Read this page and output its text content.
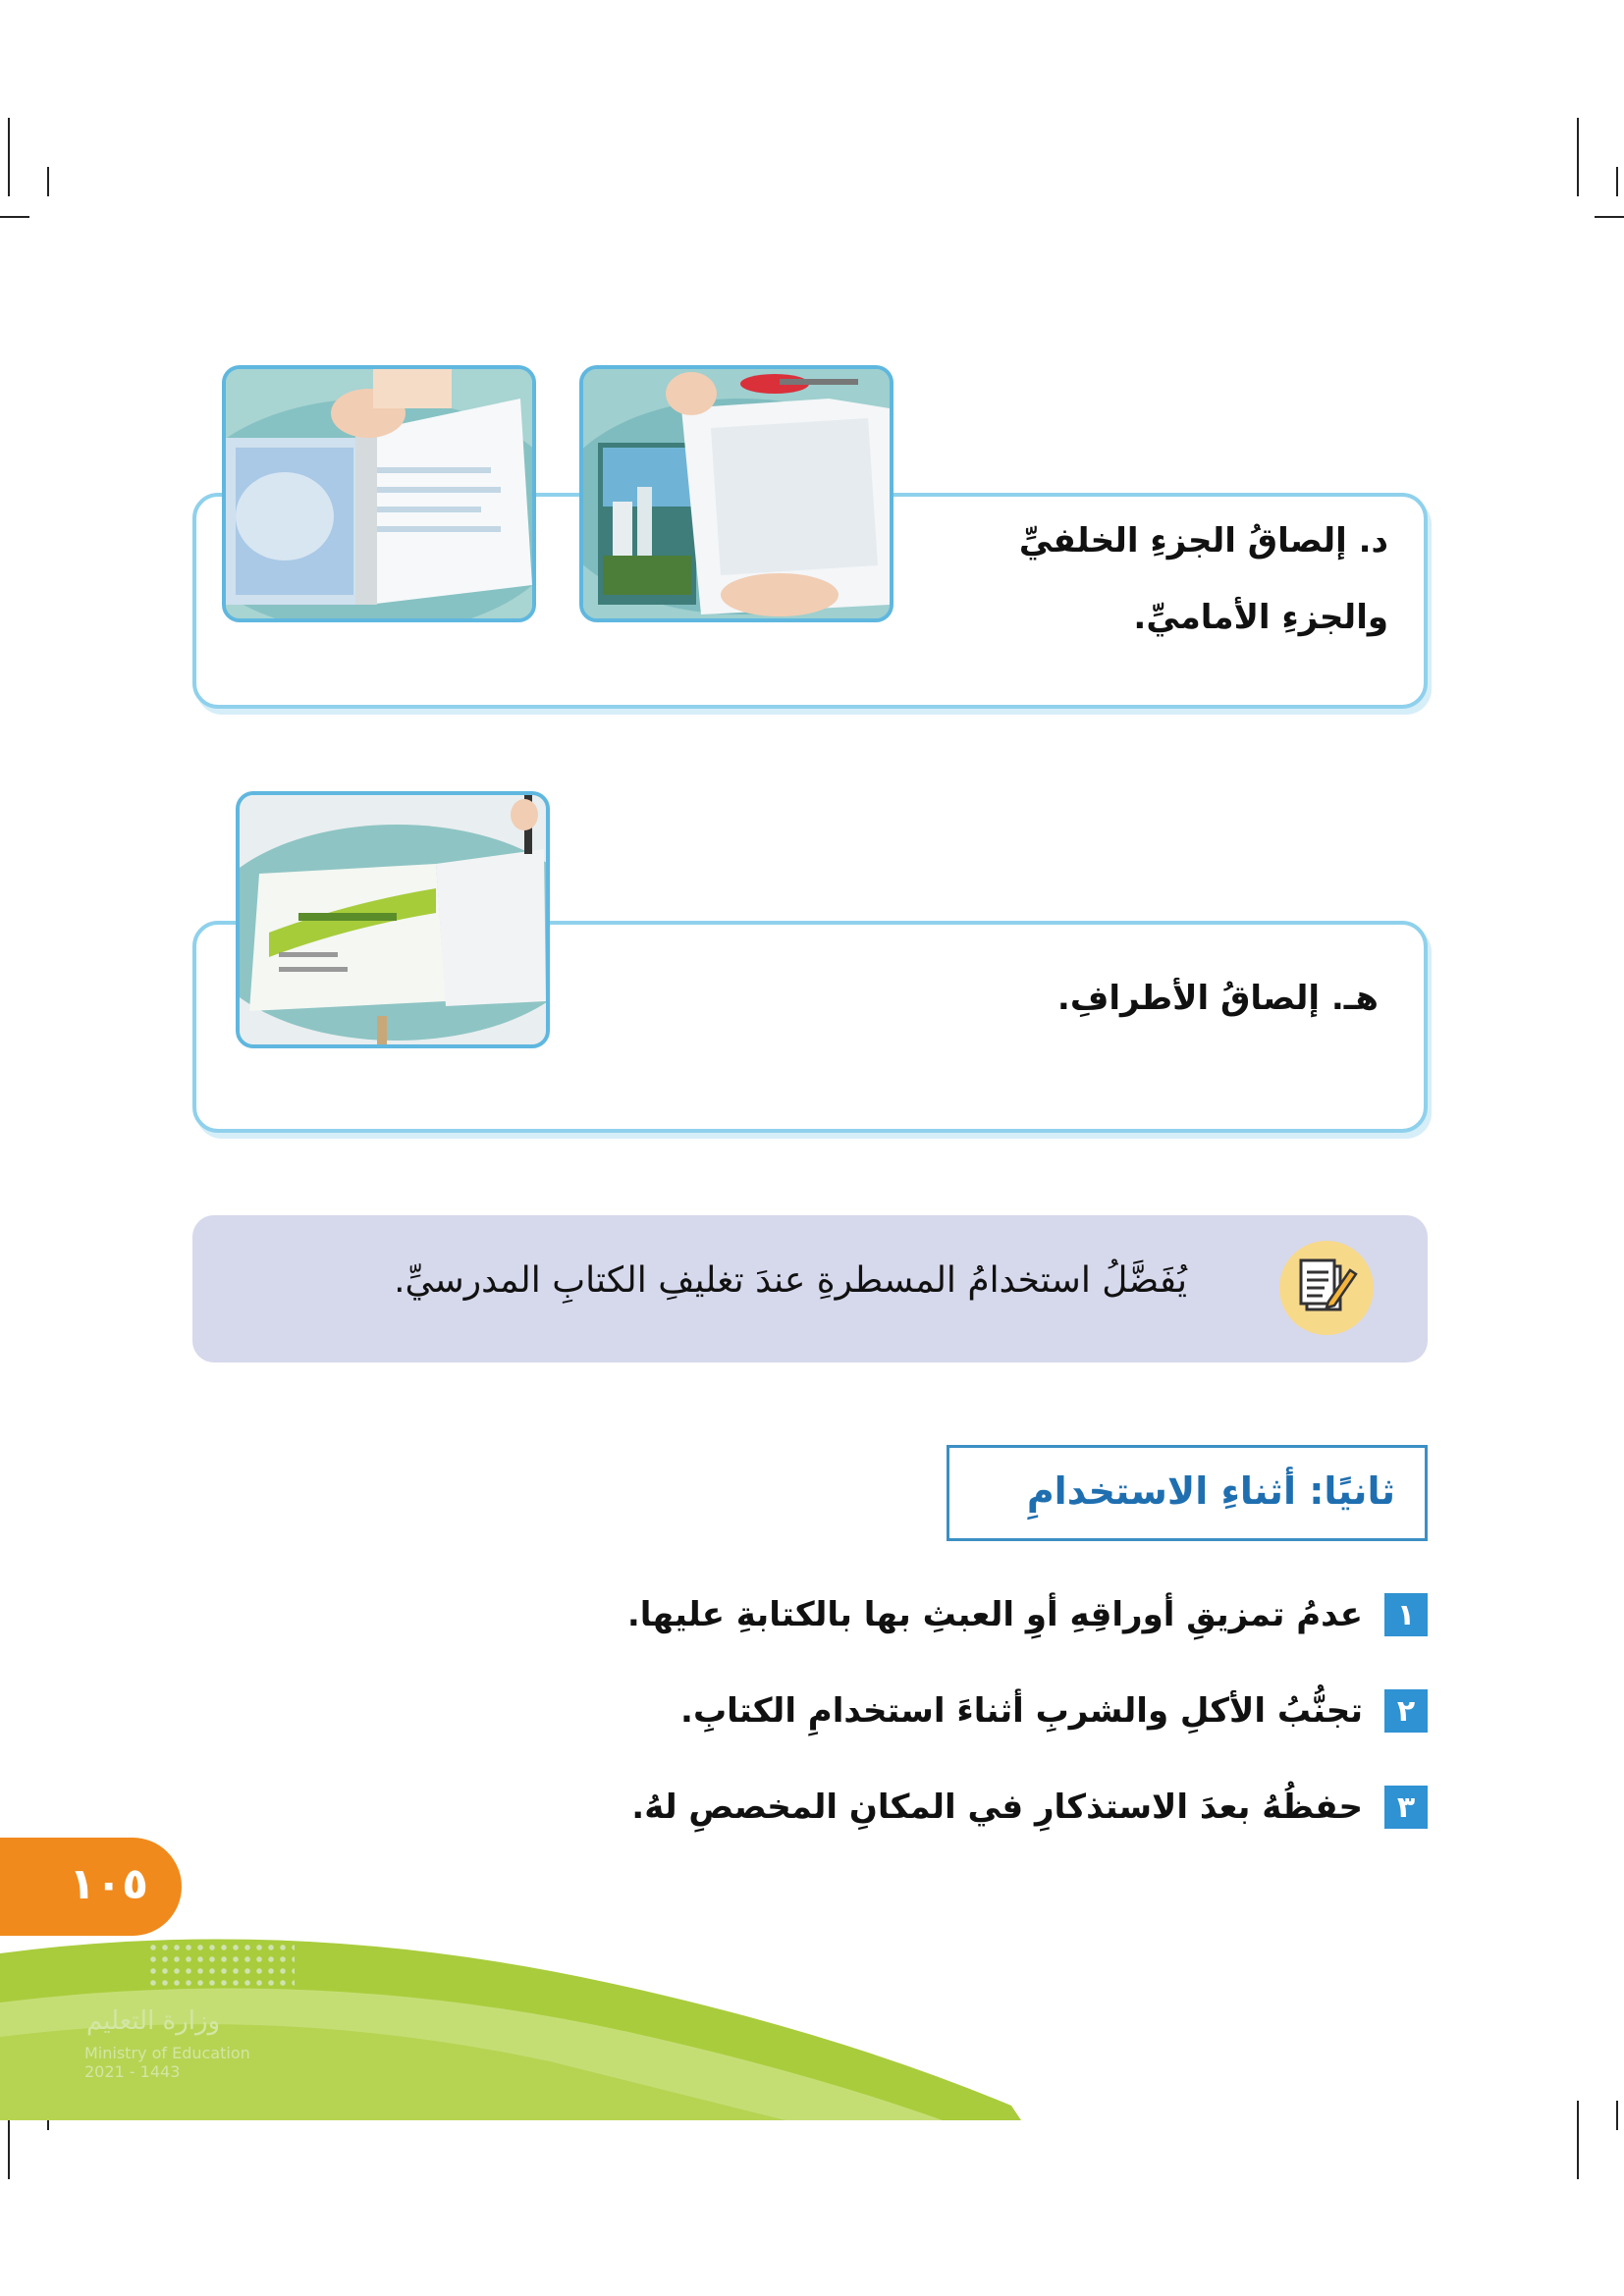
د. إلصاقُ الجزءِ الخلفيِّ
والجزءِ الأماميِّ.
هـ. إلصاقُ الأطرافِ.
يُفَضَّلُ استخدامُ المسطرةِ عندَ تغليفِ الكتابِ المدرسيِّ.
ثانيًا: أثناءِ الاستخدامِ
١
عدمُ تمزيقِ أوراقِهِ أوِ العبثِ بها بالكتابةِ عليها.
٢
تجنُّبُ الأكلِ والشربِ أثناءَ استخدامِ الكتابِ.
٣
حفظُهُ بعدَ الاستذكارِ في المكانِ المخصصِ لهُ.
وزارة التعليم
Ministry of Education
2021 - 1443
١٠٥
